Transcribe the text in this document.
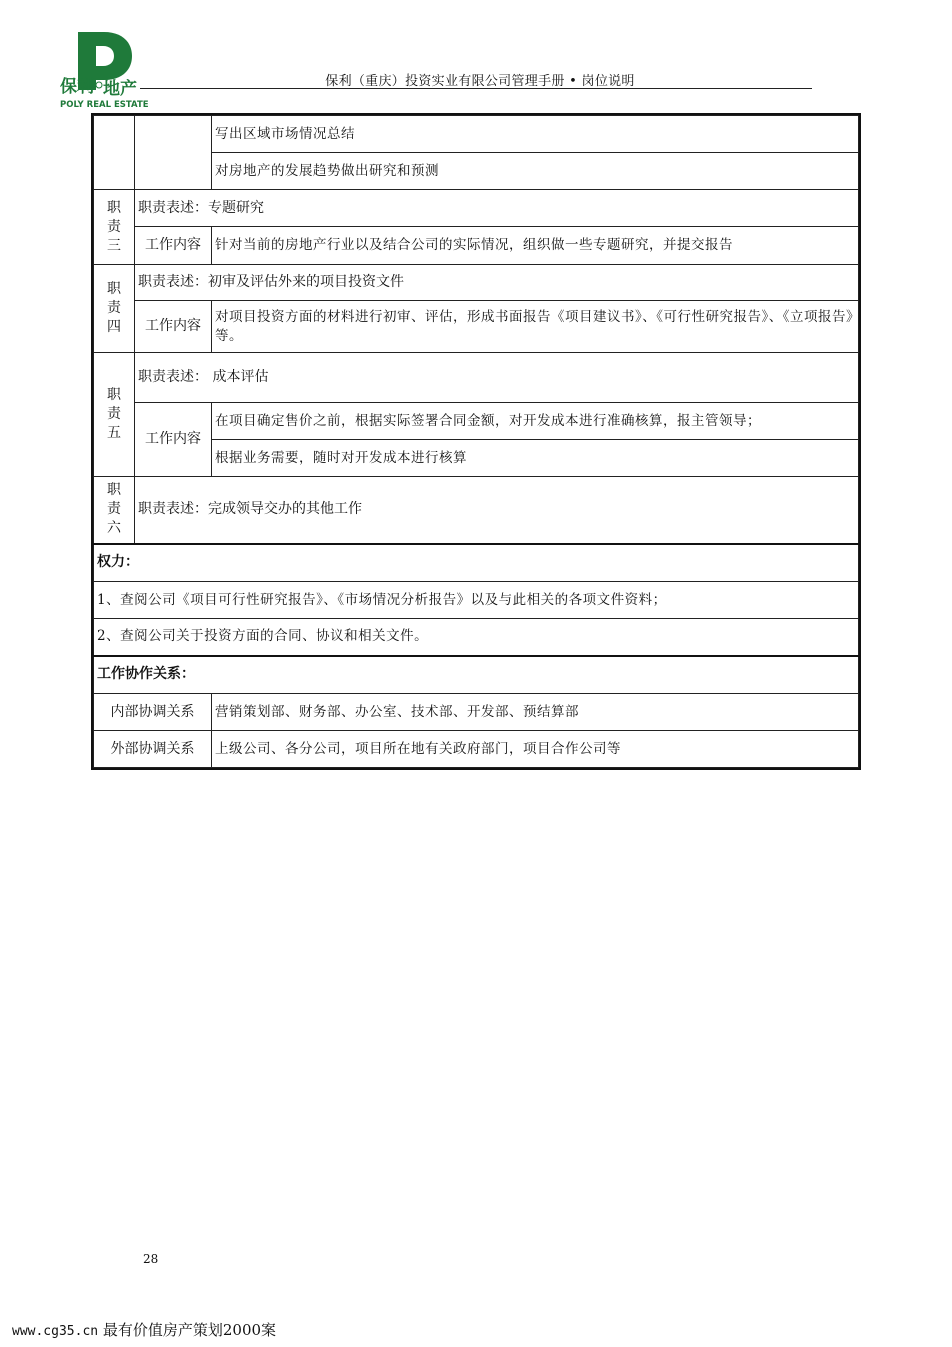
保利 地产
POLY REAL ESTATE
保利（重庆）投资实业有限公司管理手册 • 岗位说明
		写出区域市场情况总结
		对房地产的发展趋势做出研究和预测

职
责
三	职责表述：专题研究	
	工作内容	针对当前的房地产行业以及结合公司的实际情况，组织做一些专题研究，并提交报告

职
责
四	职责表述：初审及评估外来的项目投资文件	
	工作内容	对项目投资方面的材料进行初审、评估，形成书面报告《项目建议书》、《可行性研究报告》、《立项报告》等。

职
责
五	职责表述： 成本评估	
	工作内容	在项目确定售价之前，根据实际签署合同金额，对开发成本进行准确核算，报主管领导；
		根据业务需要，随时对开发成本进行核算

职
责
六	职责表述：完成领导交办的其他工作	
权力：		
1、查阅公司《项目可行性研究报告》、《市场情况分析报告》以及与此相关的各项文件资料；		
2、查阅公司关于投资方面的合同、协议和相关文件。		
工作协作关系：		
内部协调关系		营销策划部、财务部、办公室、技术部、开发部、预结算部
外部协调关系		上级公司、各分公司，项目所在地有关政府部门，项目合作公司等
28
www.cg35.cn 最有价值房产策划2000案
